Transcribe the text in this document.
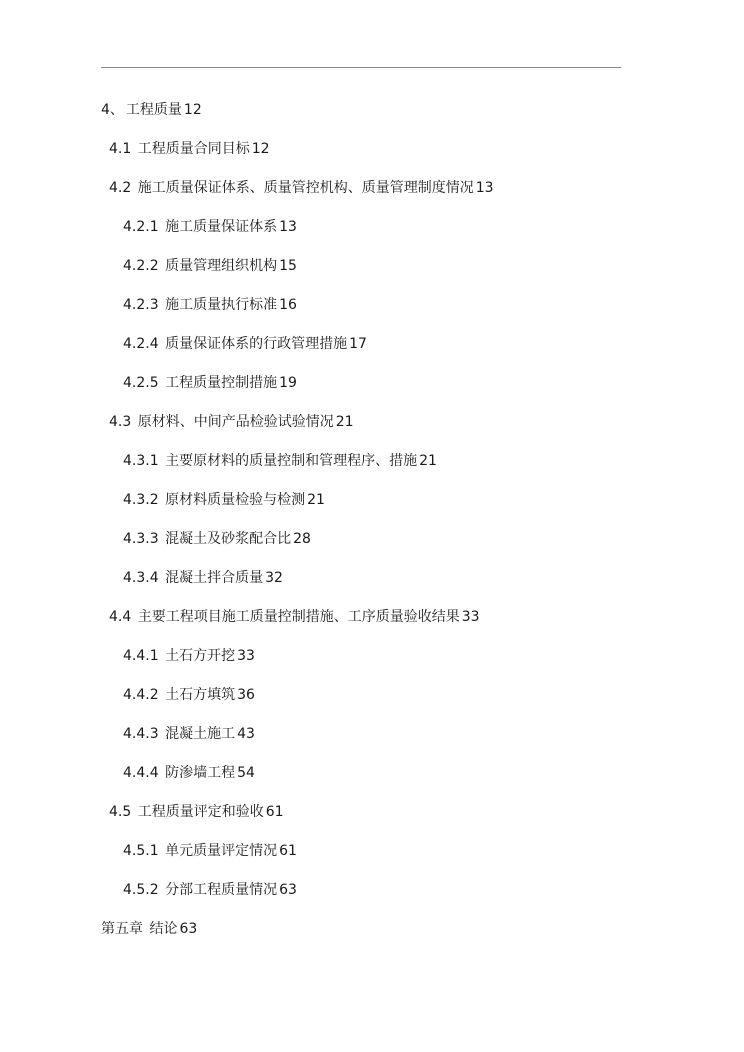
4、 工程质量 12
4.1 工程质量合同目标 12
4.2 施工质量保证体系、质量管控机构、质量管理制度情况 13
4.2.1 施工质量保证体系 13
4.2.2 质量管理组织机构 15
4.2.3 施工质量执行标准 16
4.2.4 质量保证体系的行政管理措施 17
4.2.5 工程质量控制措施 19
4.3 原材料、中间产品检验试验情况 21
4.3.1 主要原材料的质量控制和管理程序、措施 21
4.3.2 原材料质量检验与检测 21
4.3.3 混凝土及砂浆配合比 28
4.3.4 混凝土拌合质量 32
4.4 主要工程项目施工质量控制措施、工序质量验收结果 33
4.4.1 土石方开挖 33
4.4.2 土石方填筑 36
4.4.3 混凝土施工 43
4.4.4 防渗墙工程 54
4.5 工程质量评定和验收 61
4.5.1 单元质量评定情况 61
4.5.2 分部工程质量情况 63
第五章 结论 63
